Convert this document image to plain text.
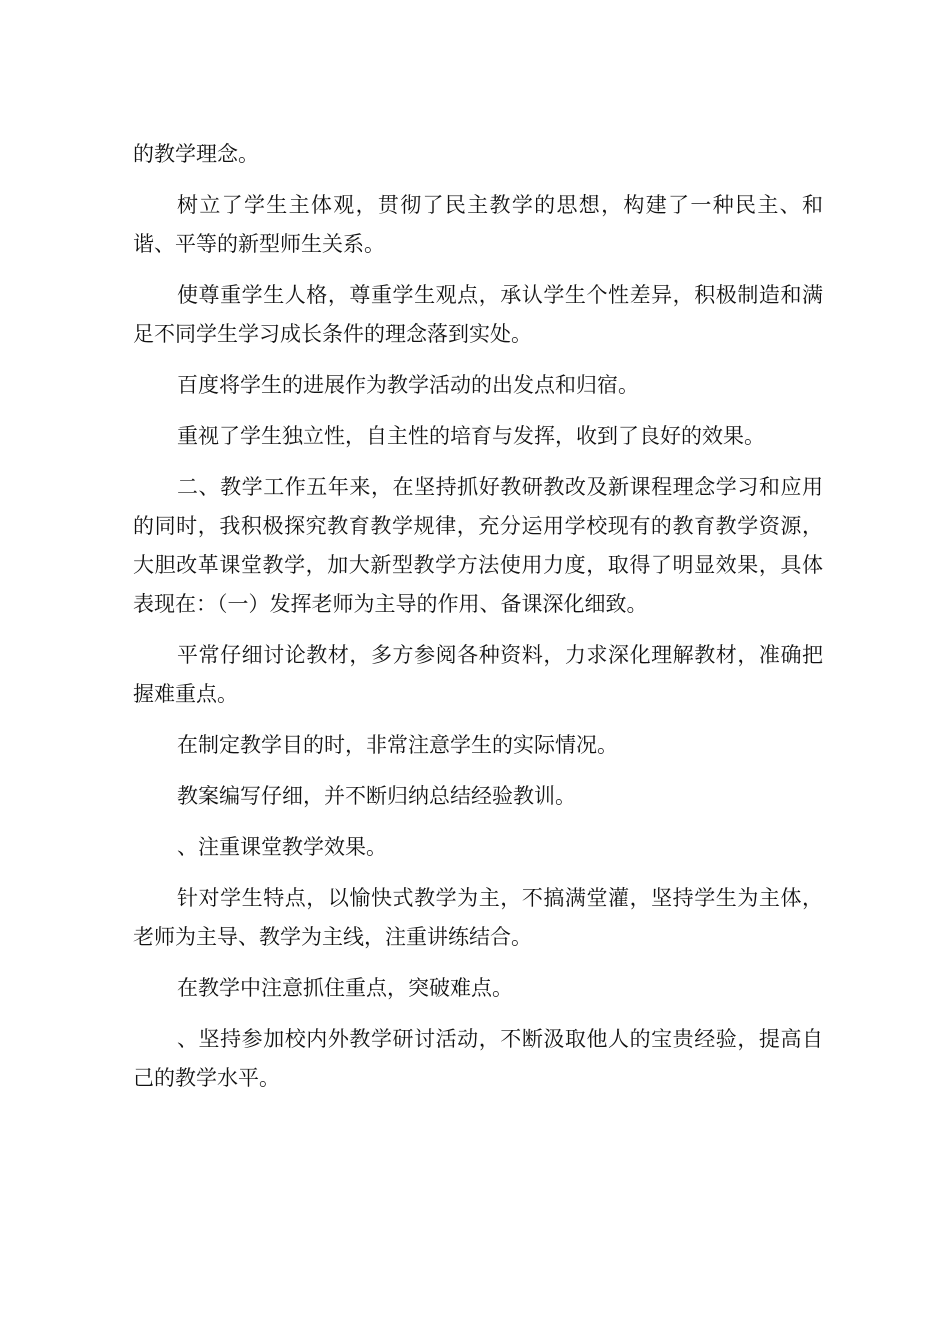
的教学理念。

树立了学生主体观，贯彻了民主教学的思想，构建了一种民主、和谐、平等的新型师生关系。

使尊重学生人格，尊重学生观点，承认学生个性差异，积极制造和满足不同学生学习成长条件的理念落到实处。

百度将学生的进展作为教学活动的出发点和归宿。

重视了学生独立性，自主性的培育与发挥，收到了良好的效果。

二、教学工作五年来，在坚持抓好教研教改及新课程理念学习和应用的同时，我积极探究教育教学规律，充分运用学校现有的教育教学资源，大胆改革课堂教学，加大新型教学方法使用力度，取得了明显效果，具体表现在：（一）发挥老师为主导的作用、备课深化细致。

平常仔细讨论教材，多方参阅各种资料，力求深化理解教材，准确把握难重点。

在制定教学目的时，非常注意学生的实际情况。

教案编写仔细，并不断归纳总结经验教训。

、注重课堂教学效果。

针对学生特点，以愉快式教学为主，不搞满堂灌，坚持学生为主体，老师为主导、教学为主线，注重讲练结合。

在教学中注意抓住重点，突破难点。

、坚持参加校内外教学研讨活动，不断汲取他人的宝贵经验，提高自己的教学水平。
